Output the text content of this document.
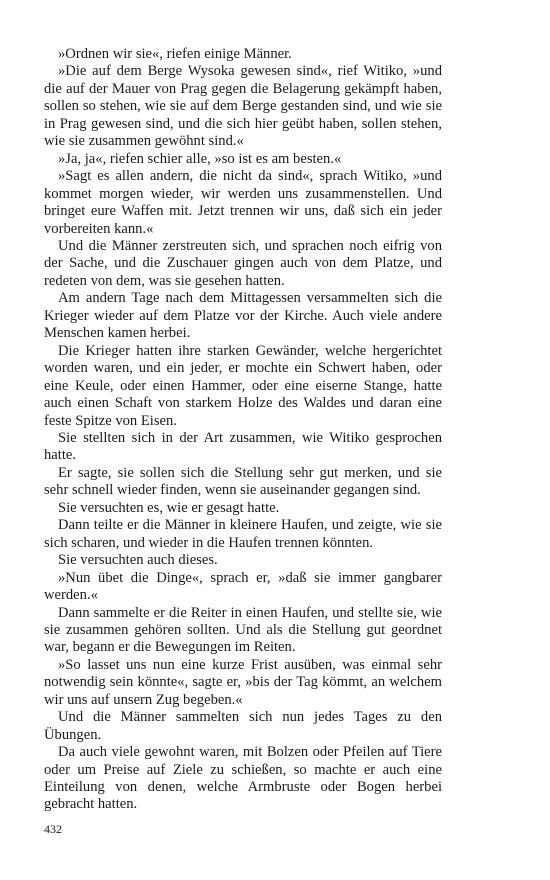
»Ordnen wir sie«, riefen einige Männer.

»Die auf dem Berge Wysoka gewesen sind«, rief Witiko, »und die auf der Mauer von Prag gegen die Belagerung gekämpft haben, sollen so stehen, wie sie auf dem Berge gestanden sind, und wie sie in Prag gewesen sind, und die sich hier geübt haben, sollen stehen, wie sie zusammen gewöhnt sind.«

»Ja, ja«, riefen schier alle, »so ist es am besten.«

»Sagt es allen andern, die nicht da sind«, sprach Witiko, »und kommet morgen wieder, wir werden uns zusammenstellen. Und bringet eure Waffen mit. Jetzt trennen wir uns, daß sich ein jeder vorbereiten kann.«

Und die Männer zerstreuten sich, und sprachen noch eifrig von der Sache, und die Zuschauer gingen auch von dem Platze, und redeten von dem, was sie gesehen hatten.

Am andern Tage nach dem Mittagessen versammelten sich die Krieger wieder auf dem Platze vor der Kirche. Auch viele andere Menschen kamen herbei.

Die Krieger hatten ihre starken Gewänder, welche hergerichtet worden waren, und ein jeder, er mochte ein Schwert haben, oder eine Keule, oder einen Hammer, oder eine eiserne Stange, hatte auch einen Schaft von starkem Holze des Waldes und daran eine feste Spitze von Eisen.

Sie stellten sich in der Art zusammen, wie Witiko gesprochen hatte.

Er sagte, sie sollen sich die Stellung sehr gut merken, und sie sehr schnell wieder finden, wenn sie auseinander gegangen sind.

Sie versuchten es, wie er gesagt hatte.

Dann teilte er die Männer in kleinere Haufen, und zeigte, wie sie sich scharen, und wieder in die Haufen trennen könnten.

Sie versuchten auch dieses.

»Nun übet die Dinge«, sprach er, »daß sie immer gangbarer werden.«

Dann sammelte er die Reiter in einen Haufen, und stellte sie, wie sie zusammen gehören sollten. Und als die Stellung gut geordnet war, begann er die Bewegungen im Reiten.

»So lasset uns nun eine kurze Frist ausüben, was einmal sehr notwendig sein könnte«, sagte er, »bis der Tag kömmt, an welchem wir uns auf unsern Zug begeben.«

Und die Männer sammelten sich nun jedes Tages zu den Übungen.

Da auch viele gewohnt waren, mit Bolzen oder Pfeilen auf Tiere oder um Preise auf Ziele zu schießen, so machte er auch eine Einteilung von denen, welche Armbruste oder Bogen herbei gebracht hatten.

432
